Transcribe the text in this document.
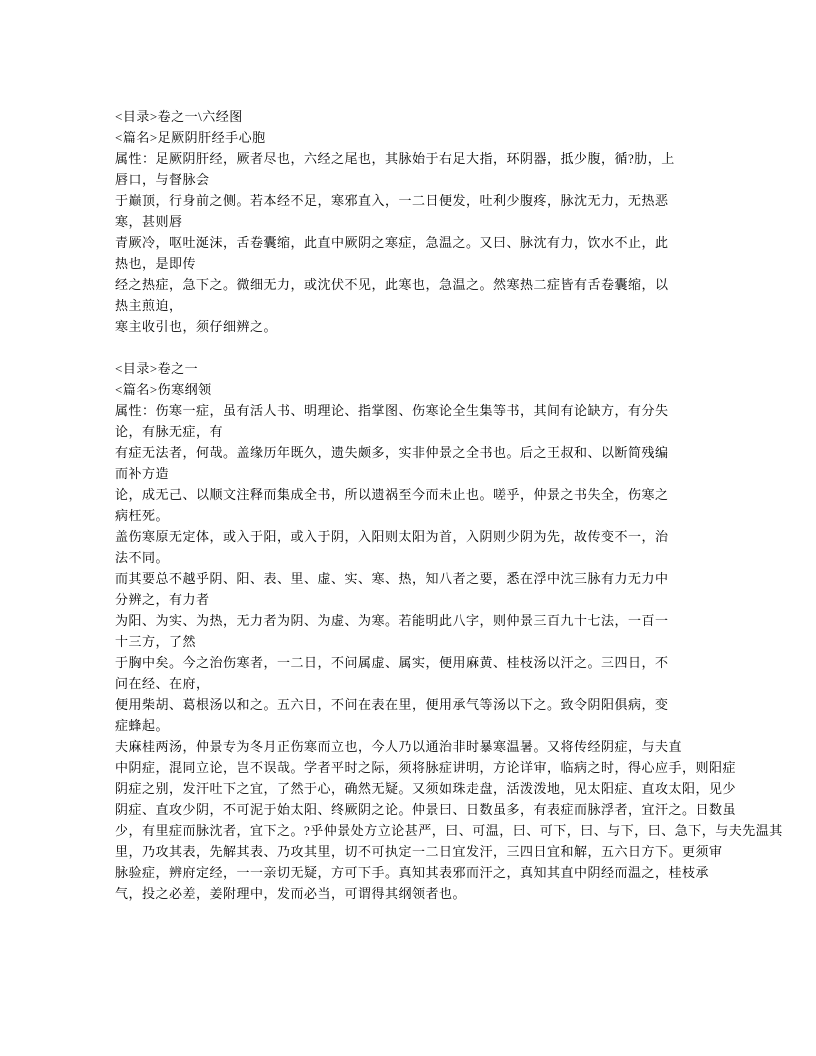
<目录>卷之一\六经图
<篇名>足厥阴肝经手心胞
属性：足厥阴肝经，厥者尽也，六经之尾也，其脉始于右足大指，环阴器，抵少腹，循?肋，上
唇口，与督脉会
于巅顶，行身前之侧。若本经不足，寒邪直入，一二日便发，吐利少腹疼，脉沈无力，无热恶
寒，甚则唇
青厥冷，呕吐涎沫，舌卷囊缩，此直中厥阴之寒症，急温之。又曰、脉沈有力，饮水不止，此
热也，是即传
经之热症，急下之。微细无力，或沈伏不见，此寒也，急温之。然寒热二症皆有舌卷囊缩，以
热主煎迫，
寒主收引也，须仔细辨之。
<目录>卷之一
<篇名>伤寒纲领
属性：伤寒一症，虽有活人书、明理论、指掌图、伤寒论全生集等书，其间有论缺方，有分失
论，有脉无症，有
有症无法者，何哉。盖缘历年既久，遗失颇多，实非仲景之全书也。后之王叔和、以断简残编
而补方造
论，成无己、以顺文注释而集成全书，所以遗祸至今而未止也。嗟乎，仲景之书失全，伤寒之
病枉死。
盖伤寒原无定体，或入于阳，或入于阴，入阳则太阳为首，入阴则少阴为先，故传变不一，治
法不同。
而其要总不越乎阴、阳、表、里、虚、实、寒、热，知八者之要，悉在浮中沈三脉有力无力中
分辨之，有力者
为阳、为实、为热，无力者为阴、为虚、为寒。若能明此八字，则仲景三百九十七法，一百一
十三方，了然
于胸中矣。今之治伤寒者，一二日，不问属虚、属实，便用麻黄、桂枝汤以汗之。三四日，不
问在经、在府，
便用柴胡、葛根汤以和之。五六日，不问在表在里，便用承气等汤以下之。致令阴阳俱病，变
症蜂起。
夫麻桂两汤，仲景专为冬月正伤寒而立也，今人乃以通治非时暴寒温暑。又将传经阴症，与夫直
中阴症，混同立论，岂不误哉。学者平时之际，须将脉症讲明，方论详审，临病之时，得心应手，则阳症
阴症之别，发汗吐下之宜，了然于心，确然无疑。又须如珠走盘，活泼泼地，见太阳症、直攻太阳，见少
阴症、直攻少阴，不可泥于始太阳、终厥阴之论。仲景曰、日数虽多，有表症而脉浮者，宜汗之。日数虽
少，有里症而脉沈者，宜下之。?乎仲景处方立论甚严，曰、可温，曰、可下，曰、与下，曰、急下，与夫先温其
里，乃攻其表，先解其表、乃攻其里，切不可执定一二日宜发汗，三四日宜和解，五六日方下。更须审
脉验症，辨府定经，一一亲切无疑，方可下手。真知其表邪而汗之，真知其直中阴经而温之，桂枝承
气，投之必差，姜附理中，发而必当，可谓得其纲领者也。
